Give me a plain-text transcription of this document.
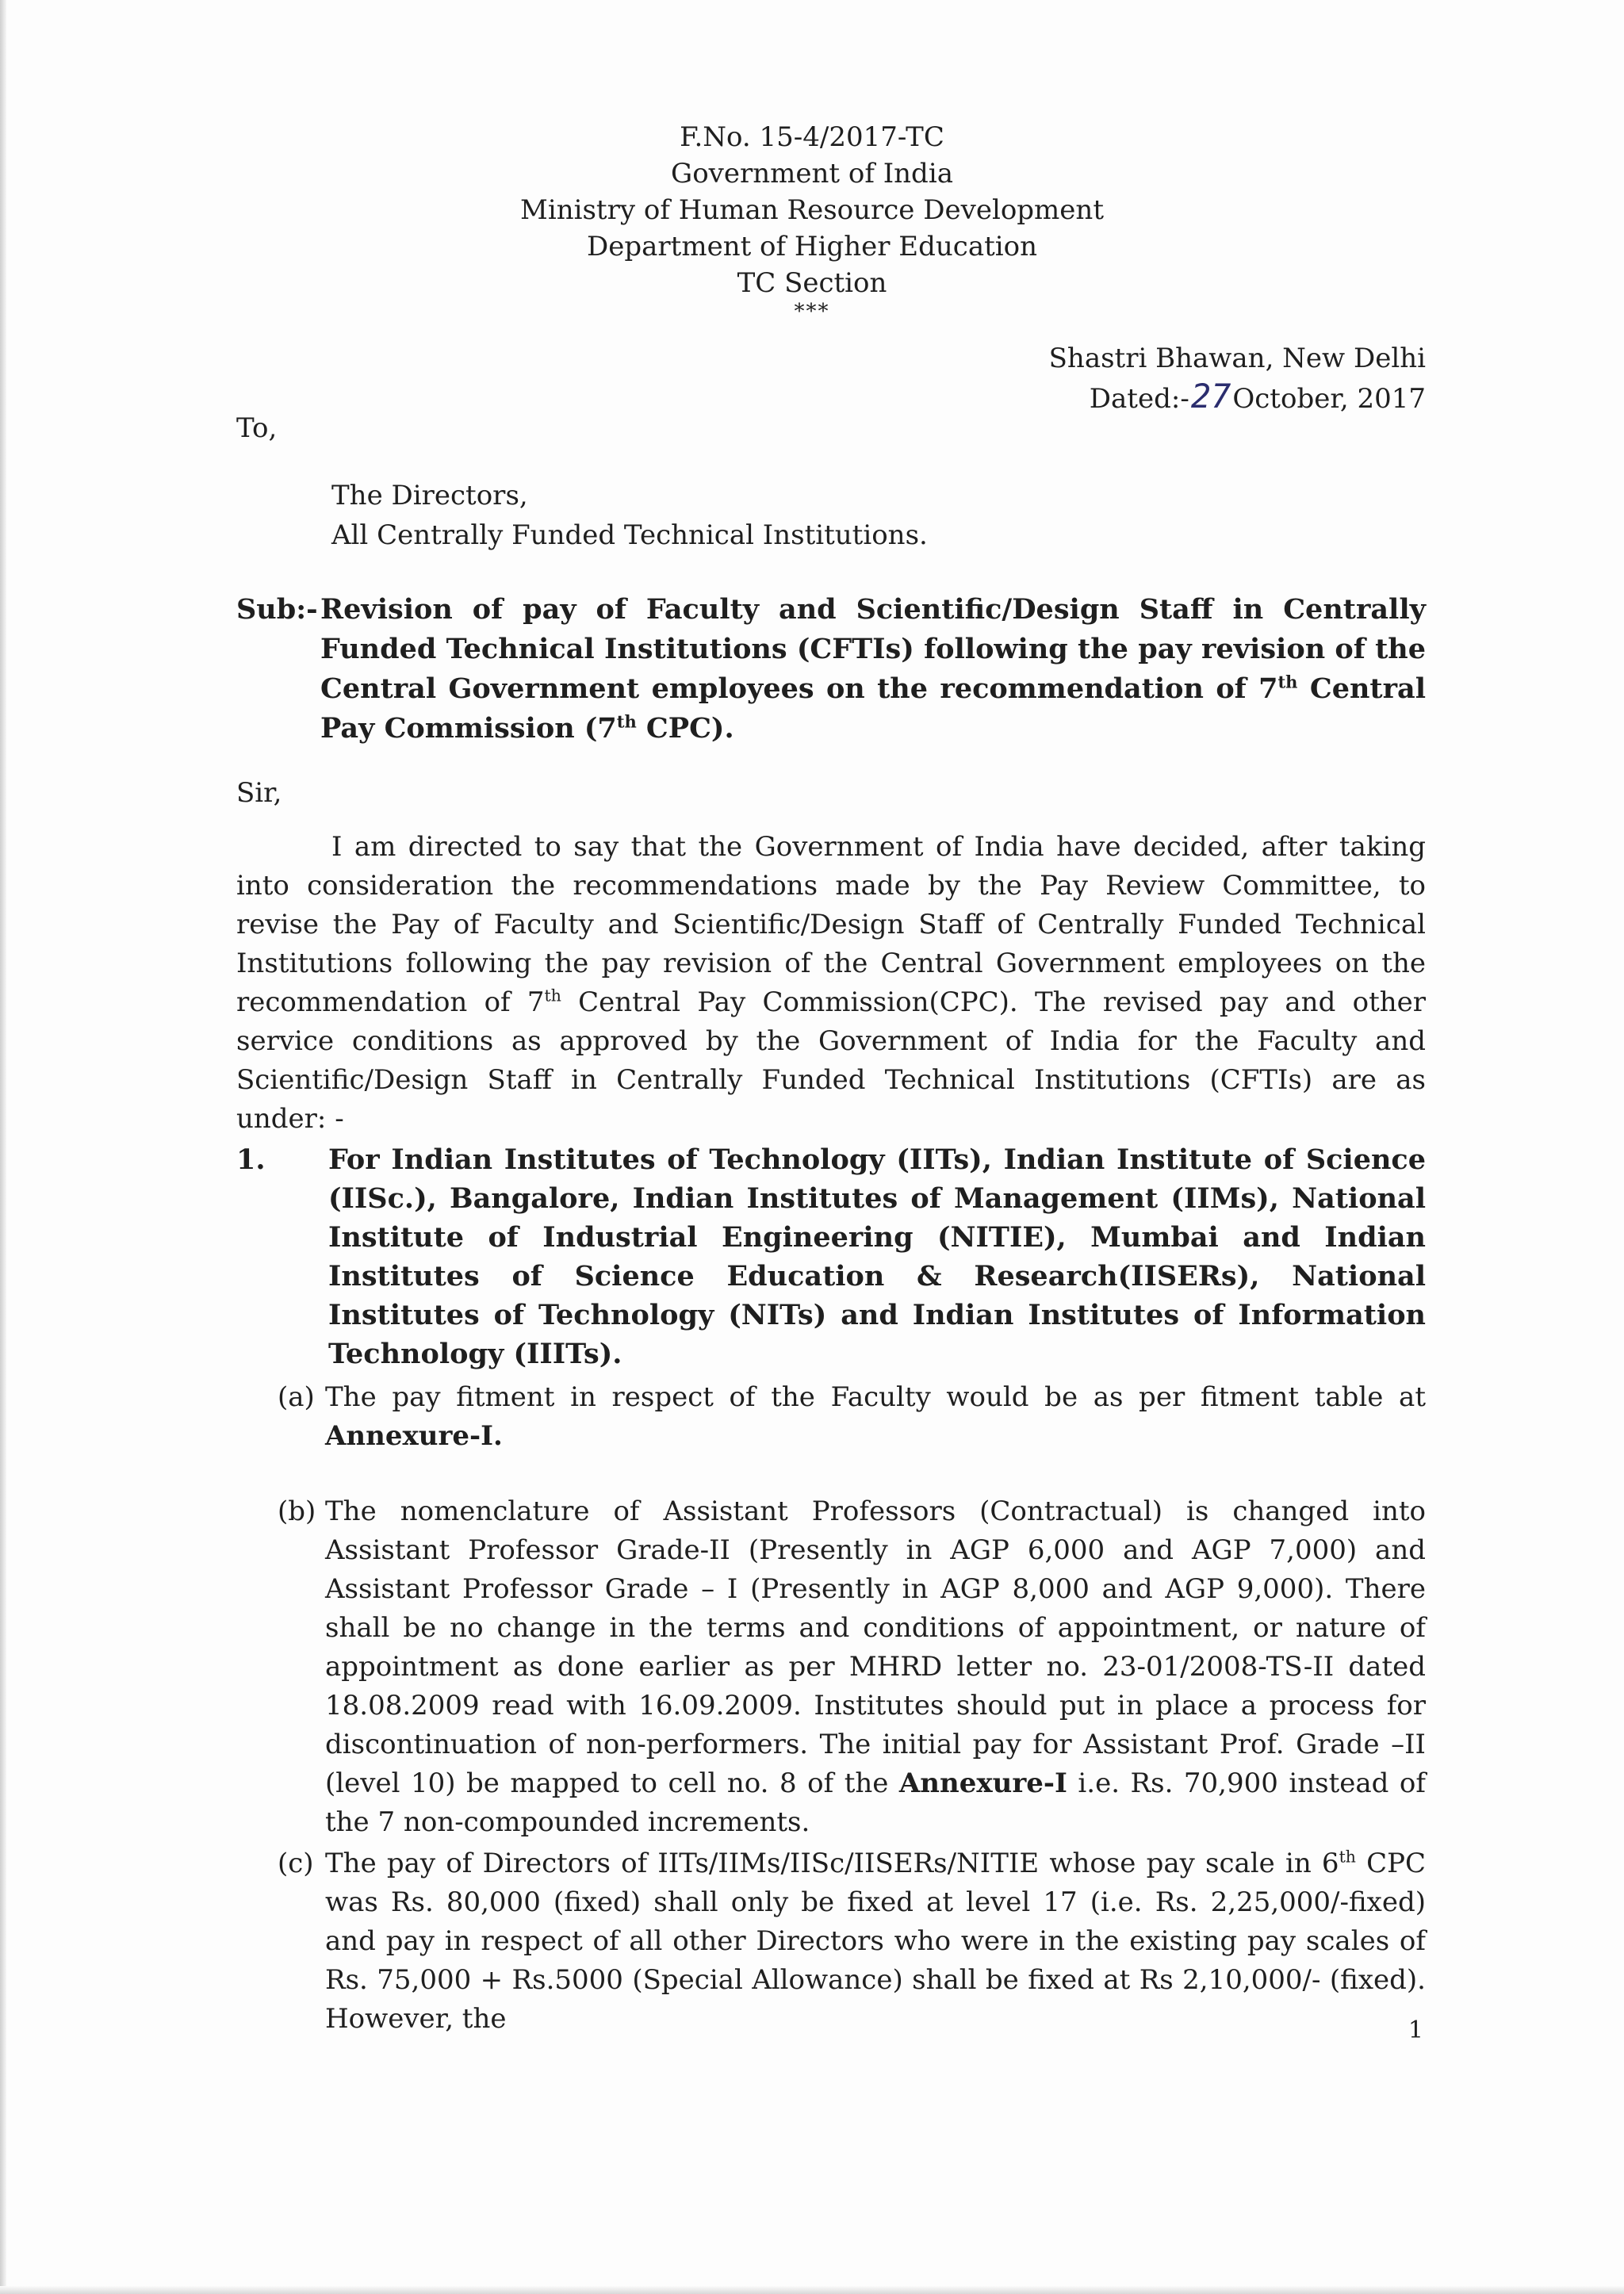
F.No. 15-4/2017-TC
Government of India
Ministry of Human Resource Development
Department of Higher Education
TC Section
***
Shastri Bhawan, New Delhi
Dated:-27October, 2017
To,
The Directors,
All Centrally Funded Technical Institutions.
Sub:- Revision of pay of Faculty and Scientific/Design Staff in Centrally Funded Technical Institutions (CFTIs) following the pay revision of the Central Government employees on the recommendation of 7th Central Pay Commission (7th CPC).
Sir,
I am directed to say that the Government of India have decided, after taking into consideration the recommendations made by the Pay Review Committee, to revise the Pay of Faculty and Scientific/Design Staff of Centrally Funded Technical Institutions following the pay revision of the Central Government employees on the recommendation of 7th Central Pay Commission(CPC). The revised pay and other service conditions as approved by the Government of India for the Faculty and Scientific/Design Staff in Centrally Funded Technical Institutions (CFTIs) are as under: -
1. For Indian Institutes of Technology (IITs), Indian Institute of Science (IISc.), Bangalore, Indian Institutes of Management (IIMs), National Institute of Industrial Engineering (NITIE), Mumbai and Indian Institutes of Science Education & Research(IISERs), National Institutes of Technology (NITs) and Indian Institutes of Information Technology (IIITs).
(a) The pay fitment in respect of the Faculty would be as per fitment table at Annexure-I.
(b) The nomenclature of Assistant Professors (Contractual) is changed into Assistant Professor Grade-II (Presently in AGP 6,000 and AGP 7,000) and Assistant Professor Grade – I (Presently in AGP 8,000 and AGP 9,000). There shall be no change in the terms and conditions of appointment, or nature of appointment as done earlier as per MHRD letter no. 23-01/2008-TS-II dated 18.08.2009 read with 16.09.2009. Institutes should put in place a process for discontinuation of non-performers. The initial pay for Assistant Prof. Grade –II (level 10) be mapped to cell no. 8 of the Annexure-I i.e. Rs. 70,900 instead of the 7 non-compounded increments.
(c) The pay of Directors of IITs/IIMs/IISc/IISERs/NITIE whose pay scale in 6th CPC was Rs. 80,000 (fixed) shall only be fixed at level 17 (i.e. Rs. 2,25,000/-fixed) and pay in respect of all other Directors who were in the existing pay scales of Rs. 75,000 + Rs.5000 (Special Allowance) shall be fixed at Rs 2,10,000/- (fixed). However, the	1
